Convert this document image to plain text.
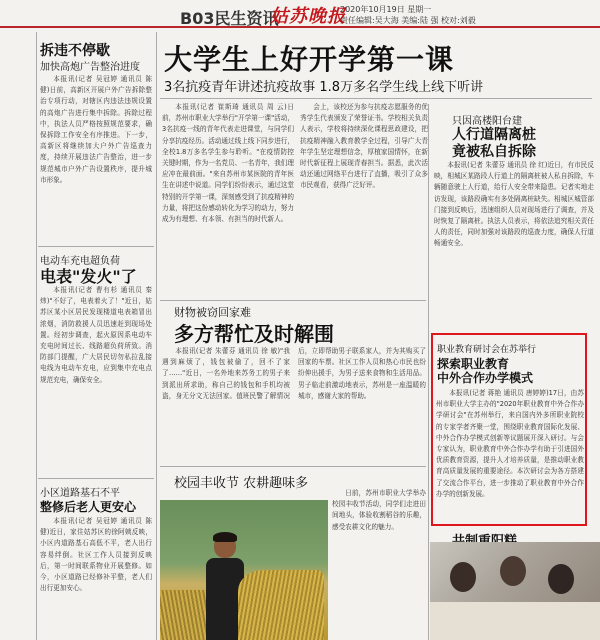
B03民生资讯
姑苏晚报
2020年10月19日 星期一
责任编辑:吴大海 美编:陆 强 校对:刘毅
拆违不停歇
加快高炮广告整治进度

本报讯(记者 吴冠婷 通讯员 陈 健)日前，高新区开展户外广告拆除整治专项行动，对辖区内违法违规设置的高炮广告进行集中拆除。拆除过程中，执法人员严格按照规范要求，确保拆除工作安全有序推进。下一步，高新区将继续加大户外广告巡查力度，持续开展违法广告整治，进一步规范城市户外广告设置秩序，提升城市形象。

电动车充电超负荷
电表"发火"了

本报讯(记者 曹有杉 通讯员 秦 炜)"不好了，电表着火了！"近日，姑苏区某小区居民发现楼道电表箱冒出浓烟，消防救援人员迅速赶到现场处置。经初步调查，起火原因系电动车充电时间过长、线路超负荷所致。消防部门提醒，广大居民切勿私拉乱接电线为电动车充电，应到集中充电点规范充电，确保安全。

小区道路基石不平
整修后老人更安心

本报讯(记者 吴冠婷 通讯员 陈 健)近日，家住姑苏区的徐阿姨反映，小区内道路基石高低不平，老人出行容易绊倒。社区工作人员接到反映后，第一时间联系物业开展整修。如今，小区道路已经修补平整，老人们出行更加安心。

大学生上好开学第一课
3名抗疫青年讲述抗疫故事 1.8万多名学生线上线下听讲

本报讯(记者 崔斯琦 通讯员 周 云)日前，苏州市职业大学举行"开学第一课"活动，3名抗疫一线的青年代表走进课堂，与同学们分享抗疫经历。活动通过线上线下同步进行，全校1.8万多名学生参与聆听。"在疫情防控关键时期，作为一名党员、一名青年，我们理应冲在最前面。"来自苏州市某医院的青年医生在讲述中说道。同学们纷纷表示，通过这堂特别的开学第一课，深刻感受到了抗疫精神的力量，将把这份感动转化为学习的动力，努力成为有理想、有本领、有担当的时代新人。

会上，该校还为参与抗疫志愿服务的优秀学生代表颁发了荣誉证书。学校相关负责人表示，学校将持续深化课程思政建设，把抗疫精神融入教育教学全过程，引导广大青年学生坚定理想信念，厚植家国情怀，在新时代新征程上展现青春担当。据悉，此次活动还通过网络平台进行了直播，吸引了众多市民观看，获得广泛好评。

只因高楼阳台建
人行道隔离桩
竟被私自拆除

本报讯(记者 朱蕾芬 通讯员 徐 红)近日，有市民反映，相城区某路段人行道上的隔离桩被人私自拆除，车辆随意驶上人行道，给行人安全带来隐患。记者实地走访发现，该路段确实有多处隔离桩缺失。相城区城管部门接到反映后，迅速组织人员对现场进行了调查，并及时恢复了隔离桩。执法人员表示，将依法追究相关责任人的责任，同时加强对该路段的巡查力度，确保人行道畅通安全。

财物被窃回家难
多方帮忙及时解围

本报讯(记者 朱蕾芬 通讯员 徐 敏)"我遇到麻烦了，钱包被偷了，回不了家了……"近日，一名外地来苏务工的男子来到派出所求助，称自己的钱包和手机均被盗，身无分文无法回家。值班民警了解情况后，立即帮助男子联系家人，并为其购买了回家的车票。社区工作人员和热心市民也纷纷伸出援手，为男子送来食物和生活用品。男子临走前激动地表示，苏州是一座温暖的城市，感谢大家的帮助。

职业教育研讨会在苏举行
探索职业教育
中外合作办学模式

本报讯(记者 蒋艳 通讯员 唐婷婷)17日，由苏州市职业大学主办的"2020年职业教育中外合作办学研讨会"在苏州举行，来自国内外多所职业院校的专家学者齐聚一堂，围绕职业教育国际化发展、中外合作办学模式创新等议题展开深入研讨。与会专家认为，职业教育中外合作办学有助于引进国外优质教育资源，提升人才培养质量，是推动职业教育高质量发展的重要途径。本次研讨会为各方搭建了交流合作平台，进一步推动了职业教育中外合作办学的创新发展。

校园丰收节 农耕趣味多

日前，苏州市职业大学举办校园丰收节活动，同学们走进田间地头，体验收割稻谷的乐趣，感受农耕文化的魅力。
